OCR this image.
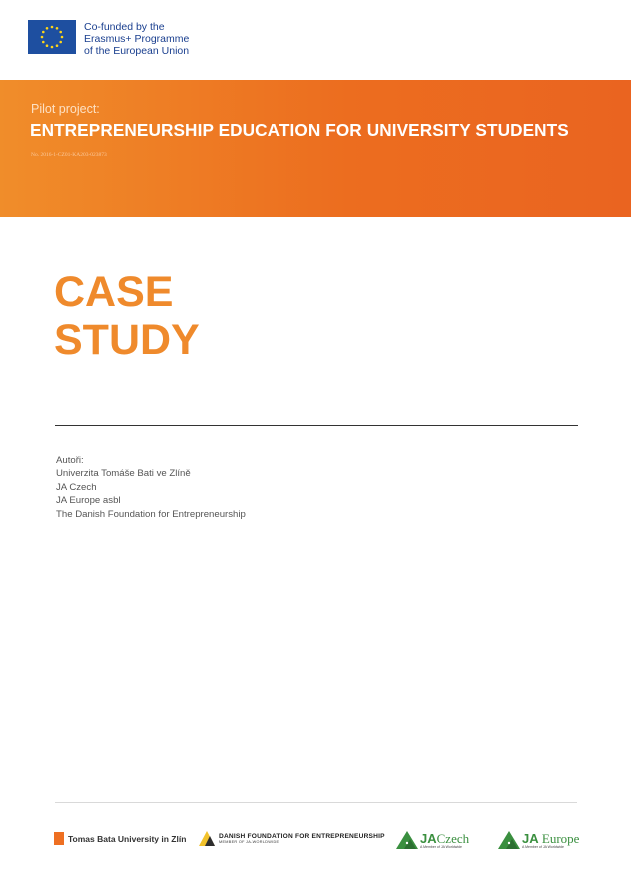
Co-funded by the
Erasmus+ Programme
of the European Union
Pilot project:
ENTREPRENEURSHIP EDUCATION FOR UNIVERSITY STUDENTS
No. 2016-1-CZ01-KA203-023873
CASE
STUDY
Autoři:
Univerzita Tomáše Bati ve Zlíně
JA Czech
JA Europe asbl
The Danish Foundation for Entrepreneurship
Tomas Bata University in Zlín	DANISH FOUNDATION FOR ENTREPRENEURSHIP
MEMBER OF JA-WORLDWIDE	JACzech
A Member of JA Worldwide
JA Europe
A Member of JA Worldwide
